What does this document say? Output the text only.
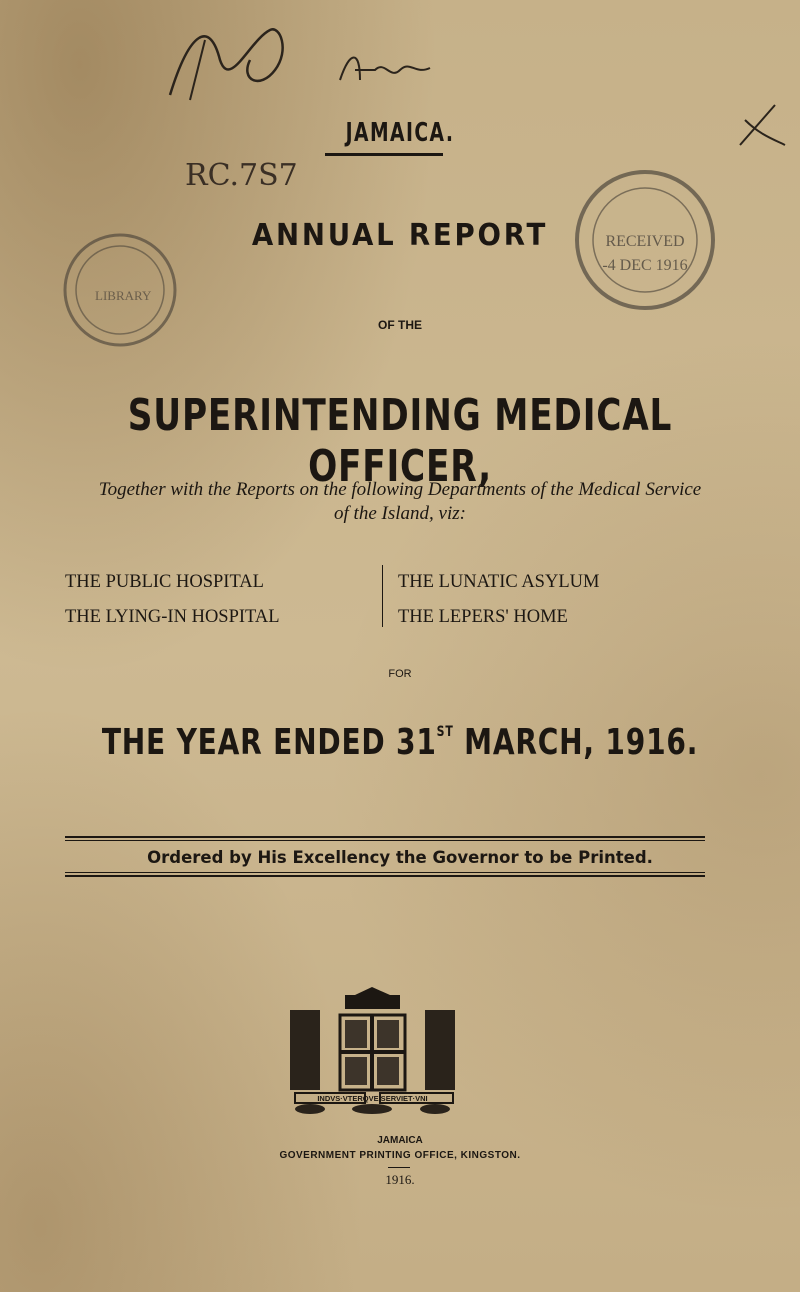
LIBRARY
JAMAICA.
RC.7S7
ANNUAL REPORT	RECEIVED
-4 DEC 1916
OF THE
SUPERINTENDING MEDICAL OFFICER,
Together with the Reports on the following Departments of the Medical Service
of the Island, viz:
THE PUBLIC HOSPITAL
THE LYING-IN HOSPITAL
THE LUNATIC ASYLUM
THE LEPERS' HOME
FOR
THE YEAR ENDED 31ST MARCH, 1916.
Ordered by His Excellency the Governor to be Printed.
INDVS·VTERQVE SERVIET·VNI
JAMAICA
GOVERNMENT PRINTING OFFICE, KINGSTON.
1916.
